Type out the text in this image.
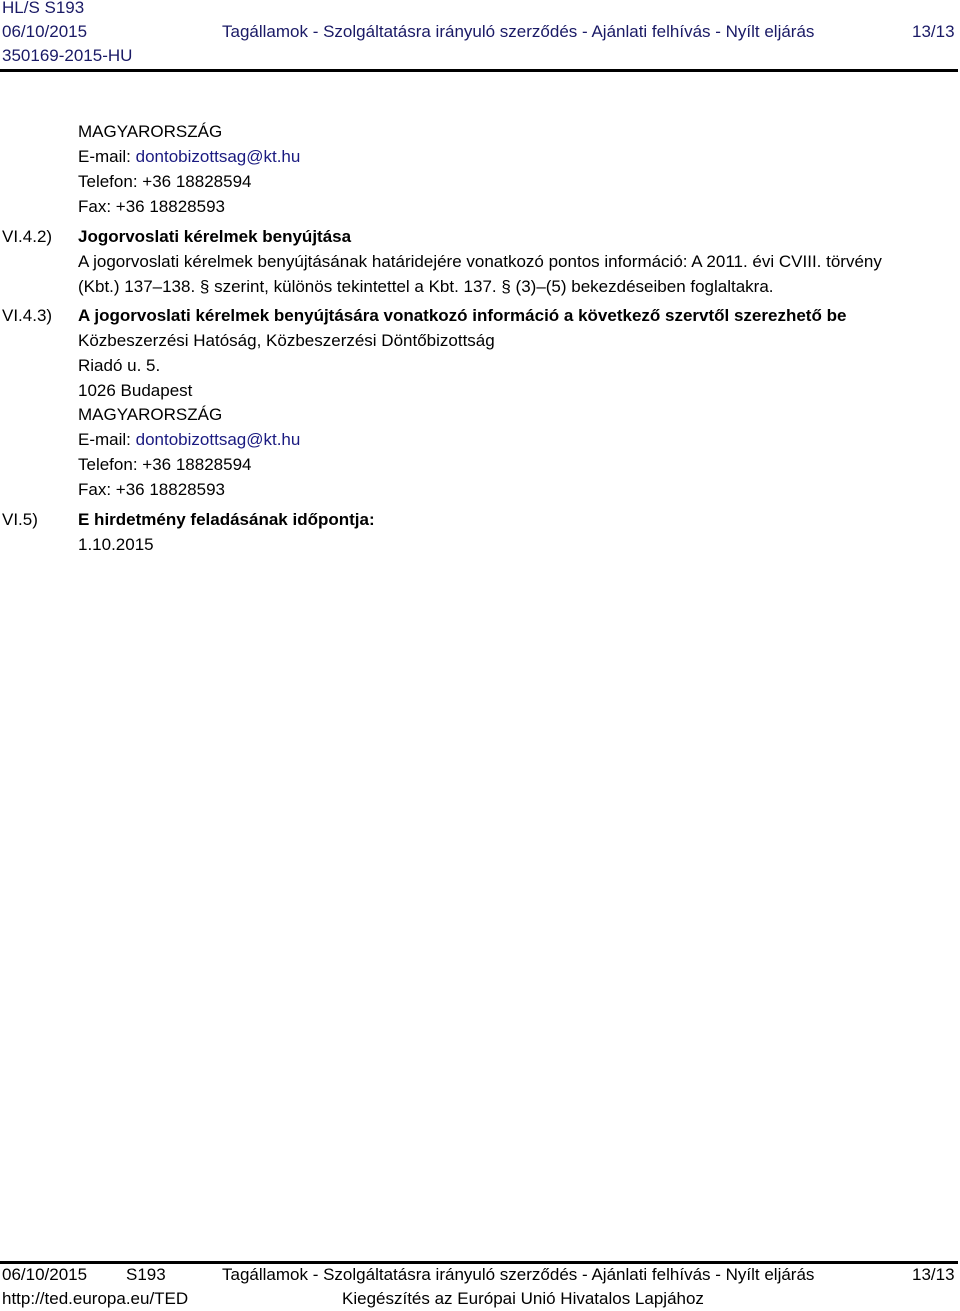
HL/S S193
06/10/2015	Tagállamok - Szolgáltatásra irányuló szerződés - Ajánlati felhívás - Nyílt eljárás	13/13
350169-2015-HU
MAGYARORSZÁG
E-mail: dontobizottsag@kt.hu
Telefon: +36 18828594
Fax: +36 18828593
VI.4.2) Jogorvoslati kérelmek benyújtása
A jogorvoslati kérelmek benyújtásának határidejére vonatkozó pontos információ: A 2011. évi CVIII. törvény
(Kbt.) 137–138. § szerint, különös tekintettel a Kbt. 137. § (3)–(5) bekezdéseiben foglaltakra.
VI.4.3) A jogorvoslati kérelmek benyújtására vonatkozó információ a következő szervtől szerezhető be
Közbeszerzési Hatóság, Közbeszerzési Döntőbizottság
Riadó u. 5.
1026 Budapest
MAGYARORSZÁG
E-mail: dontobizottsag@kt.hu
Telefon: +36 18828594
Fax: +36 18828593
VI.5) E hirdetmény feladásának időpontja:
1.10.2015
06/10/2015 S193	Tagállamok - Szolgáltatásra irányuló szerződés - Ajánlati felhívás - Nyílt eljárás	13/13
http://ted.europa.eu/TED	Kiegészítés az Európai Unió Hivatalos Lapjához
